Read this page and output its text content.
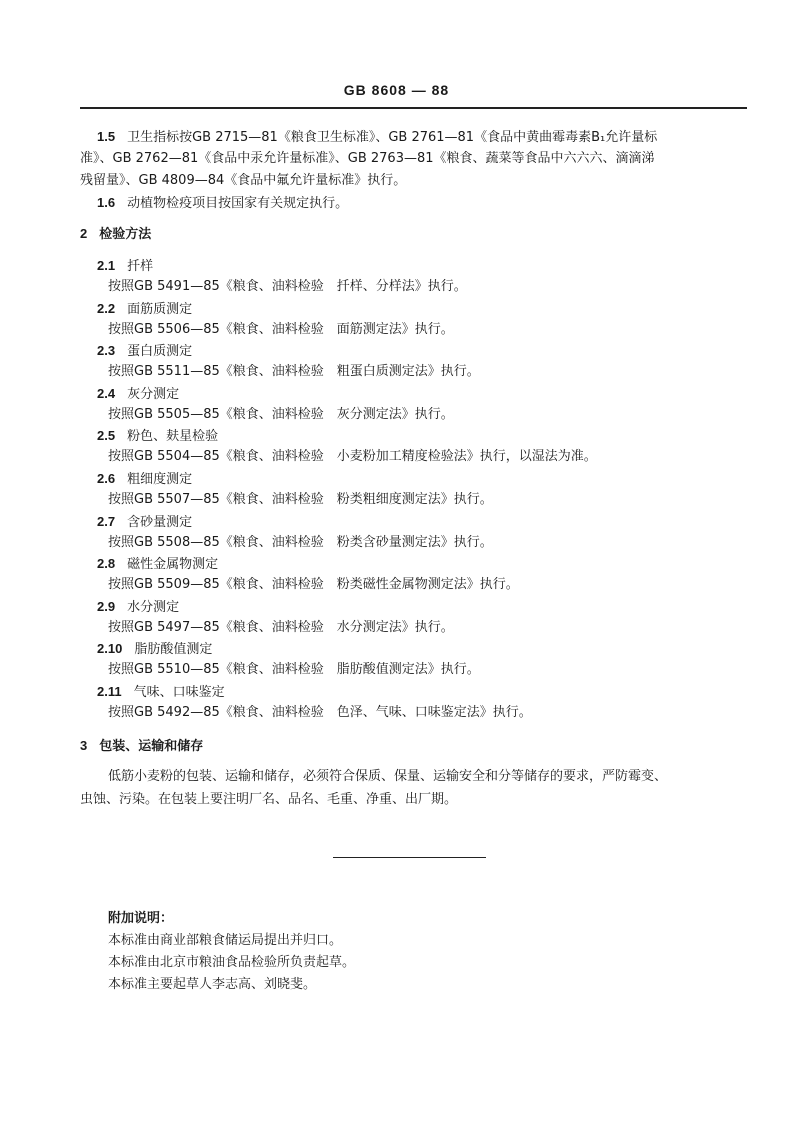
GB 8608 — 88
1.5 卫生指标按GB 2715—81《粮食卫生标准》、GB 2761—81《食品中黄曲霉毒素B₁允许量标
准》、GB 2762—81《食品中汞允许量标准》、GB 2763—81《粮食、蔬菜等食品中六六六、滴滴涕
残留量》、GB 4809—84《食品中氟允许量标准》执行。
1.6 动植物检疫项目按国家有关规定执行。
2 检验方法
2.1 扦样
按照GB 5491—85《粮食、油料检验　扦样、分样法》执行。
2.2 面筋质测定
按照GB 5506—85《粮食、油料检验　面筋测定法》执行。
2.3 蛋白质测定
按照GB 5511—85《粮食、油料检验　粗蛋白质测定法》执行。
2.4 灰分测定
按照GB 5505—85《粮食、油料检验　灰分测定法》执行。
2.5 粉色、麸星检验
按照GB 5504—85《粮食、油料检验　小麦粉加工精度检验法》执行，以湿法为准。
2.6 粗细度测定
按照GB 5507—85《粮食、油料检验　粉类粗细度测定法》执行。
2.7 含砂量测定
按照GB 5508—85《粮食、油料检验　粉类含砂量测定法》执行。
2.8 磁性金属物测定
按照GB 5509—85《粮食、油料检验　粉类磁性金属物测定法》执行。
2.9 水分测定
按照GB 5497—85《粮食、油料检验　水分测定法》执行。
2.10 脂肪酸值测定
按照GB 5510—85《粮食、油料检验　脂肪酸值测定法》执行。
2.11 气味、口味鉴定
按照GB 5492—85《粮食、油料检验　色泽、气味、口味鉴定法》执行。
3 包装、运输和储存
低筋小麦粉的包装、运输和储存，必须符合保质、保量、运输安全和分等储存的要求，严防霉变、
虫蚀、污染。在包装上要注明厂名、品名、毛重、净重、出厂期。
附加说明：
本标准由商业部粮食储运局提出并归口。
本标准由北京市粮油食品检验所负责起草。
本标准主要起草人李志高、刘晓斐。
